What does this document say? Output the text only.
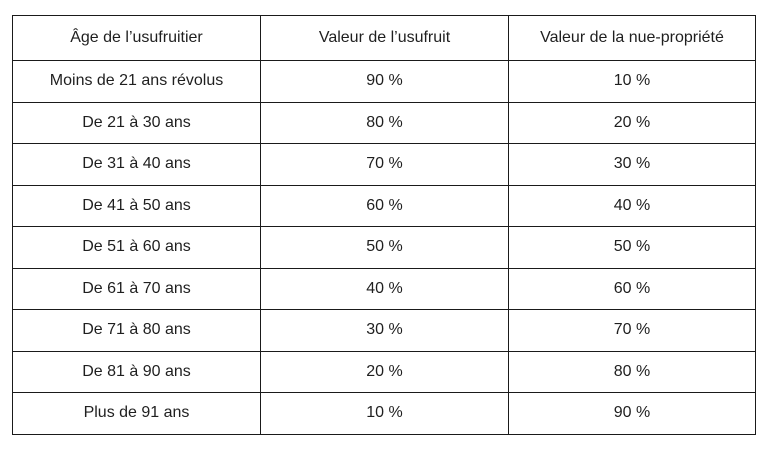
Âge de l’usufruitier	Valeur de l’usufruit	Valeur de la nue-propriété
Moins de 21 ans révolus	90 %	10 %
De 21 à 30 ans	80 %	20 %
De 31 à 40 ans	70 %	30 %
De 41 à 50 ans	60 %	40 %
De 51 à 60 ans	50 %	50 %
De 61 à 70 ans	40 %	60 %
De 71 à 80 ans	30 %	70 %
De 81 à 90 ans	20 %	80 %
Plus de 91 ans	10 %	90 %
